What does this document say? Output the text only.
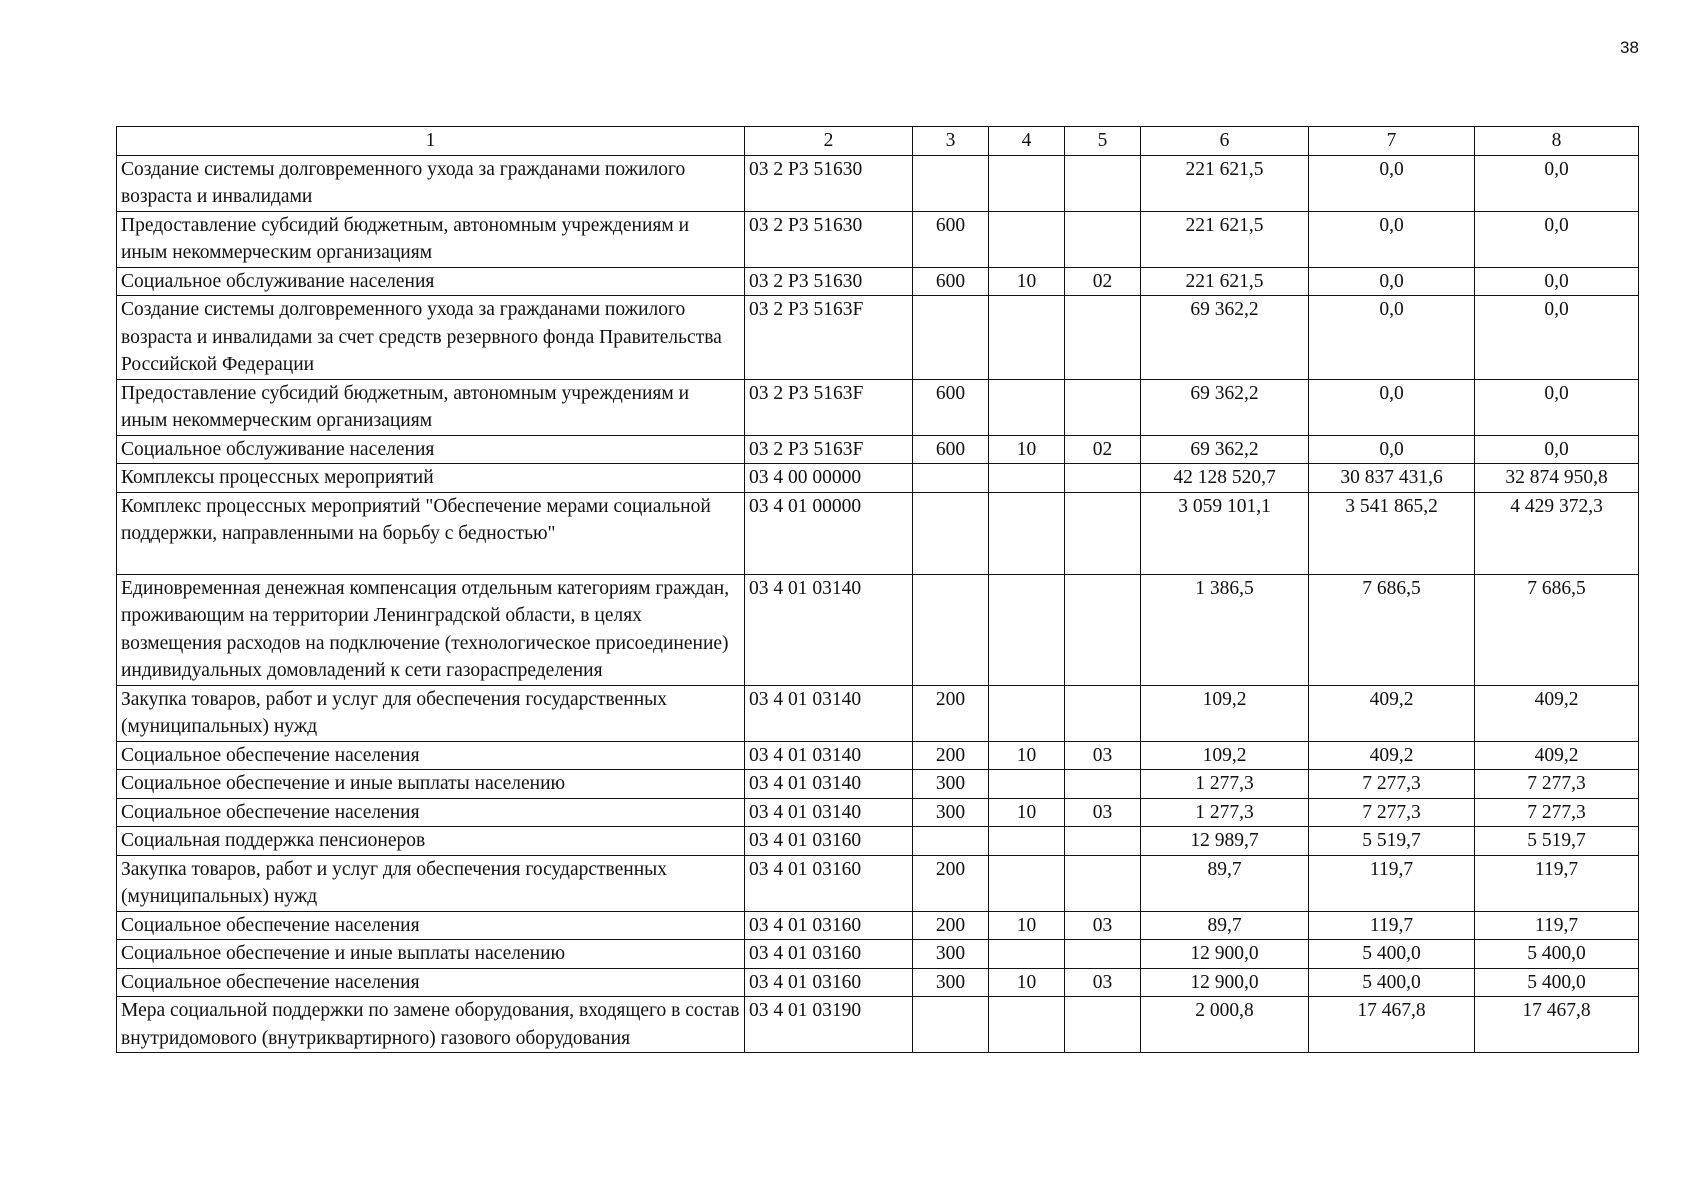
38
1	2	3	4	5	6	7	8
Создание системы долговременного ухода за гражданами пожилого возраста и инвалидами	03 2 P3 51630				221 621,5	0,0	0,0
Предоставление субсидий бюджетным, автономным учреждениям и иным некоммерческим организациям	03 2 P3 51630	600			221 621,5	0,0	0,0
Социальное обслуживание населения	03 2 P3 51630	600	10	02	221 621,5	0,0	0,0
Создание системы долговременного ухода за гражданами пожилого возраста и инвалидами за счет средств резервного фонда Правительства Российской Федерации	03 2 P3 5163F				69 362,2	0,0	0,0
Предоставление субсидий бюджетным, автономным учреждениям и иным некоммерческим организациям	03 2 P3 5163F	600			69 362,2	0,0	0,0
Социальное обслуживание населения	03 2 P3 5163F	600	10	02	69 362,2	0,0	0,0
Комплексы процессных мероприятий	03 4 00 00000				42 128 520,7	30 837 431,6	32 874 950,8
Комплекс процессных мероприятий "Обеспечение мерами социальной поддержки, направленными на борьбу с бедностью"	03 4 01 00000				3 059 101,1	3 541 865,2	4 429 372,3
Единовременная денежная компенсация отдельным категориям граждан, проживающим на территории Ленинградской области, в целях возмещения расходов на подключение (технологическое присоединение) индивидуальных домовладений к сети газораспределения	03 4 01 03140				1 386,5	7 686,5	7 686,5
Закупка товаров, работ и услуг для обеспечения государственных (муниципальных) нужд	03 4 01 03140	200			109,2	409,2	409,2
Социальное обеспечение населения	03 4 01 03140	200	10	03	109,2	409,2	409,2
Социальное обеспечение и иные выплаты населению	03 4 01 03140	300			1 277,3	7 277,3	7 277,3
Социальное обеспечение населения	03 4 01 03140	300	10	03	1 277,3	7 277,3	7 277,3
Социальная поддержка пенсионеров	03 4 01 03160				12 989,7	5 519,7	5 519,7
Закупка товаров, работ и услуг для обеспечения государственных (муниципальных) нужд	03 4 01 03160	200			89,7	119,7	119,7
Социальное обеспечение населения	03 4 01 03160	200	10	03	89,7	119,7	119,7
Социальное обеспечение и иные выплаты населению	03 4 01 03160	300			12 900,0	5 400,0	5 400,0
Социальное обеспечение населения	03 4 01 03160	300	10	03	12 900,0	5 400,0	5 400,0
Мера социальной поддержки по замене оборудования, входящего в состав внутридомового (внутриквартирного) газового оборудования	03 4 01 03190				2 000,8	17 467,8	17 467,8
